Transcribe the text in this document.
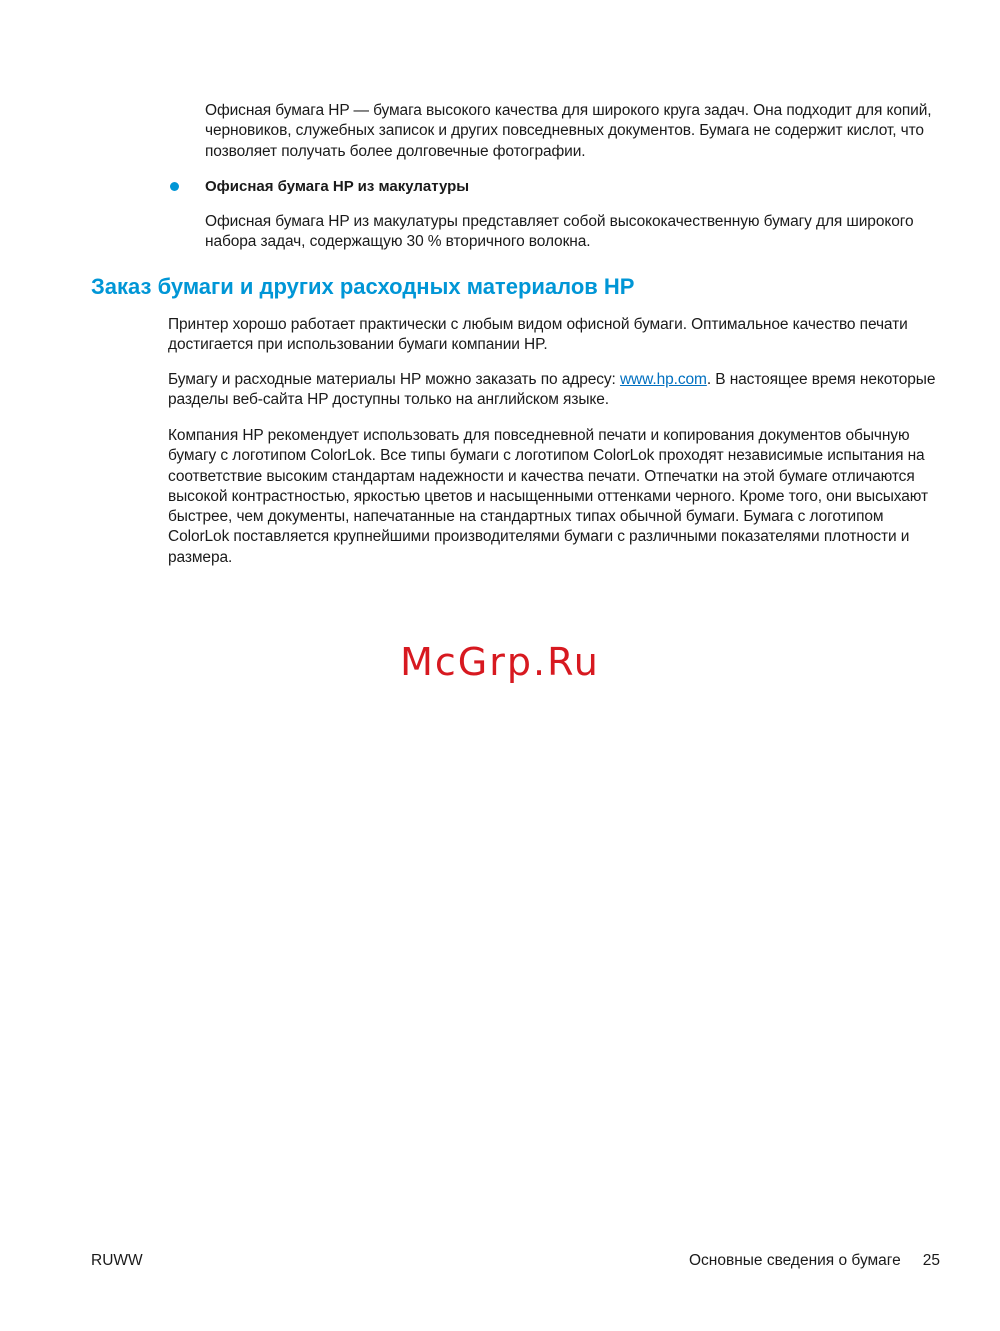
Офисная бумага HP — бумага высокого качества для широкого круга задач. Она подходит для копий, черновиков, служебных записок и других повседневных документов. Бумага не содержит кислот, что позволяет получать более долговечные фотографии.

Офисная бумага HP из макулатуры

Офисная бумага HP из макулатуры представляет собой высококачественную бумагу для широкого набора задач, содержащую 30 % вторичного волокна.

Заказ бумаги и других расходных материалов HP

Принтер хорошо работает практически с любым видом офисной бумаги. Оптимальное качество печати достигается при использовании бумаги компании HP.

Бумагу и расходные материалы HP можно заказать по адресу: www.hp.com. В настоящее время некоторые разделы веб-сайта HP доступны только на английском языке.

Компания HP рекомендует использовать для повседневной печати и копирования документов обычную бумагу с логотипом ColorLok. Все типы бумаги с логотипом ColorLok проходят независимые испытания на соответствие высоким стандартам надежности и качества печати. Отпечатки на этой бумаге отличаются высокой контрастностью, яркостью цветов и насыщенными оттенками черного. Кроме того, они высыхают быстрее, чем документы, напечатанные на стандартных типах обычной бумаги. Бумага с логотипом ColorLok поставляется крупнейшими производителями бумаги с различными показателями плотности и размера.

McGrp.Ru
RUWW	Основные сведения о бумаге 25
